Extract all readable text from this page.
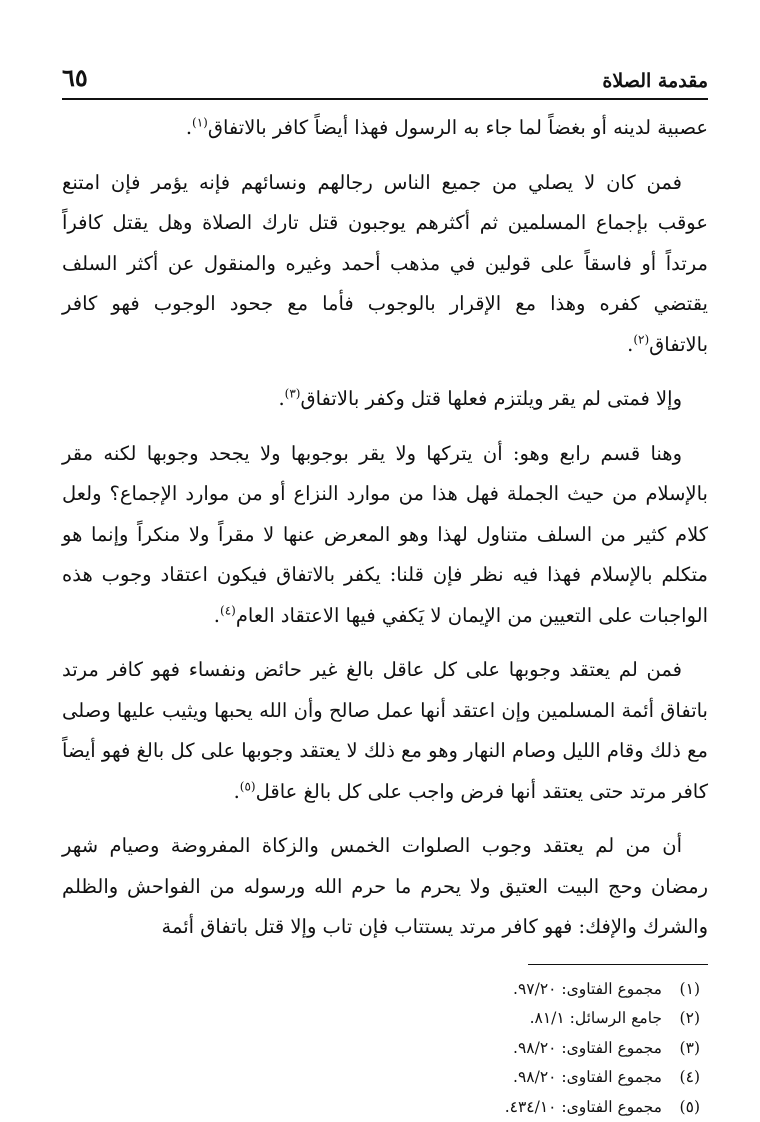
مقدمة الصلاة
٦٥

عصبية لدينه أو بغضاً لما جاء به الرسول فهذا أيضاً كافر بالاتفاق$^{(١)}$.

فمن كان لا يصلي من جميع الناس رجالهم ونسائهم فإنه يؤمر فإن امتنع عوقب بإجماع المسلمين ثم أكثرهم يوجبون قتل تارك الصلاة وهل يقتل كافراً مرتداً أو فاسقاً على قولين في مذهب أحمد وغيره والمنقول عن أكثر السلف يقتضي كفره وهذا مع الإقرار بالوجوب فأما مع جحود الوجوب فهو كافر بالاتفاق$^{(٢)}$.

وإلا فمتى لم يقر ويلتزم فعلها قتل وكفر بالاتفاق$^{(٣)}$.

وهنا قسم رابع وهو: أن يتركها ولا يقر بوجوبها ولا يجحد وجوبها لكنه مقر بالإسلام من حيث الجملة فهل هذا من موارد النزاع أو من موارد الإجماع؟ ولعل كلام كثير من السلف متناول لهذا وهو المعرض عنها لا مقراً ولا منكراً وإنما هو متكلم بالإسلام فهذا فيه نظر فإن قلنا: يكفر بالاتفاق فيكون اعتقاد وجوب هذه الواجبات على التعيين من الإيمان لا يَكفي فيها الاعتقاد العام$^{(٤)}$.

فمن لم يعتقد وجوبها على كل عاقل بالغ غير حائض ونفساء فهو كافر مرتد باتفاق أئمة المسلمين وإن اعتقد أنها عمل صالح وأن الله يحبها ويثيب عليها وصلى مع ذلك وقام الليل وصام النهار وهو مع ذلك لا يعتقد وجوبها على كل بالغ فهو أيضاً كافر مرتد حتى يعتقد أنها فرض واجب على كل بالغ عاقل$^{(٥)}$.

أن من لم يعتقد وجوب الصلوات الخمس والزكاة المفروضة وصيام شهر رمضان وحج البيت العتيق ولا يحرم ما حرم الله ورسوله من الفواحش والظلم والشرك والإفك: فهو كافر مرتد يستتاب فإن تاب وإلا قتل باتفاق أئمة

(١)
مجموع الفتاوى: ٩٧/٢٠.
(٢)
جامع الرسائل: ٨١/١.
(٣)
مجموع الفتاوى: ٩٨/٢٠.
(٤)
مجموع الفتاوى: ٩٨/٢٠.
(٥)
مجموع الفتاوى: ٤٣٤/١٠.
